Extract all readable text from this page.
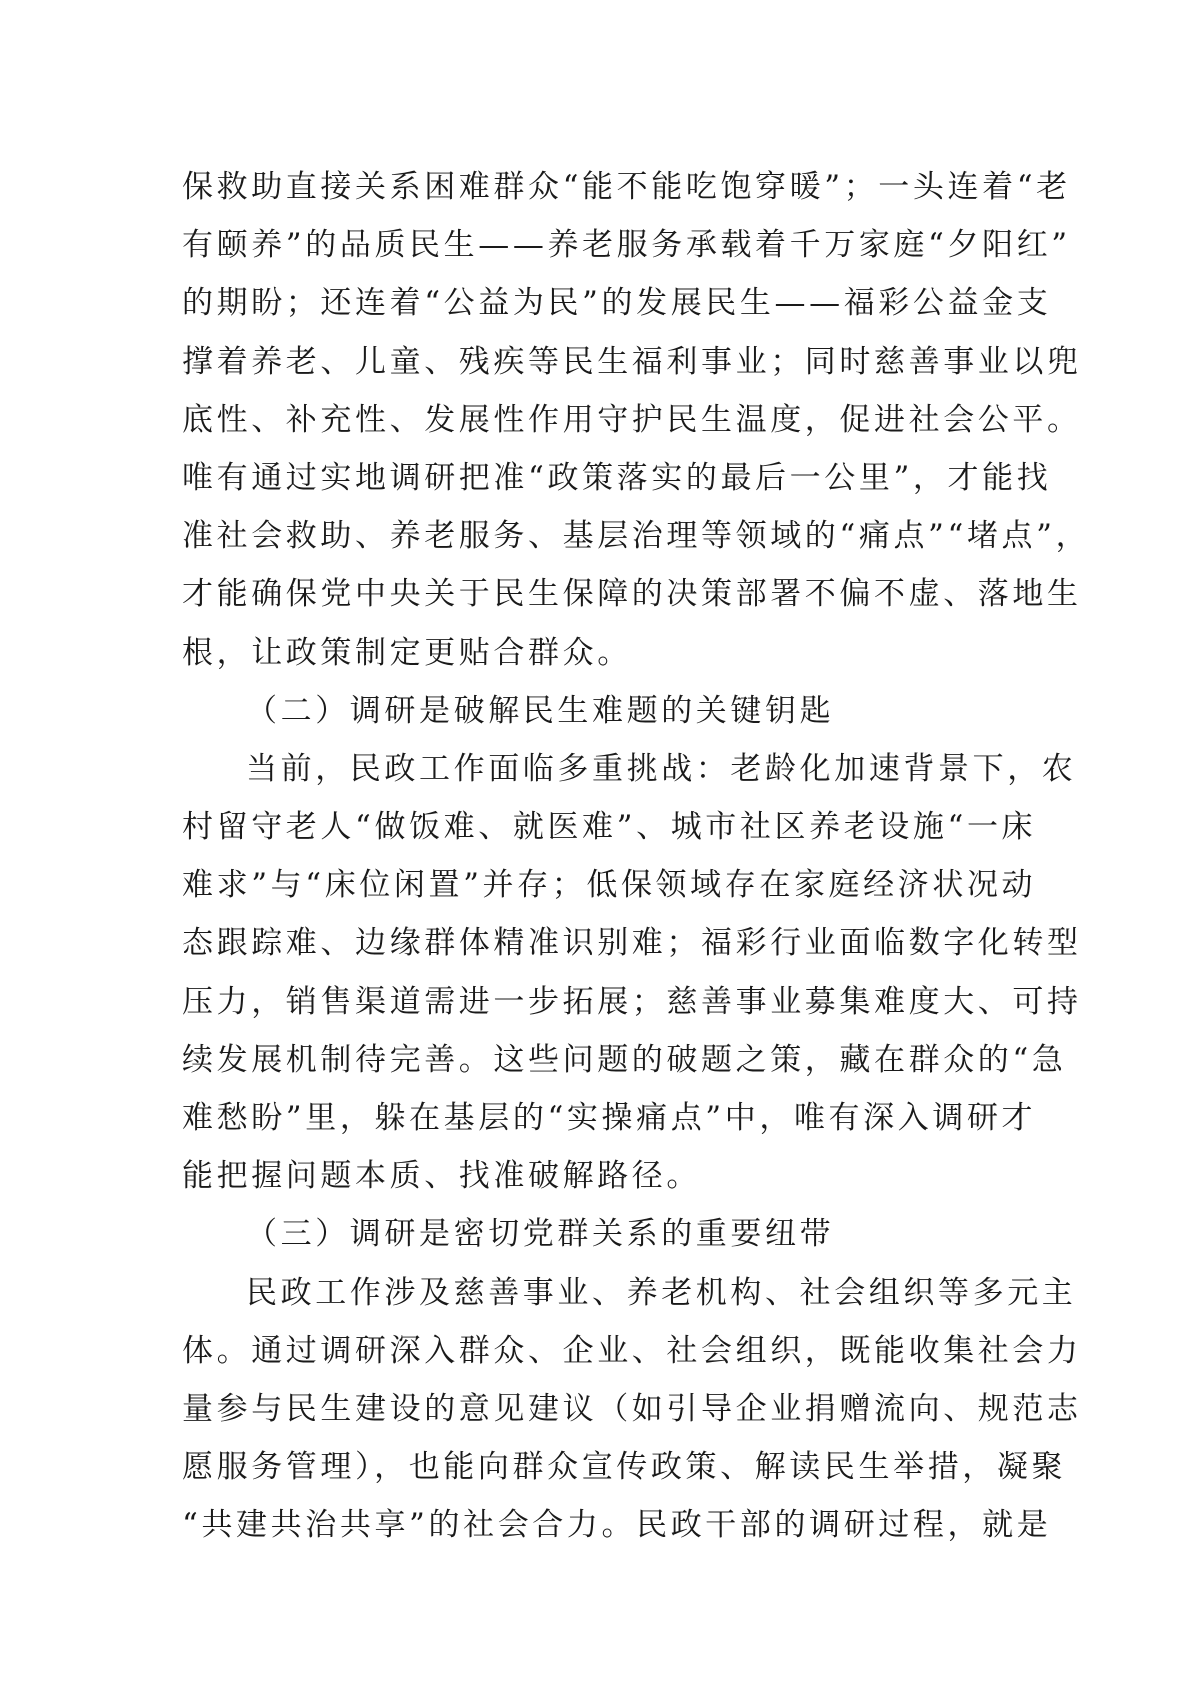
保救助直接关系困难群众“能不能吃饱穿暖”；一头连着“老
有颐养”的品质民生——养老服务承载着千万家庭“夕阳红”
的期盼；还连着“公益为民”的发展民生——福彩公益金支
撑着养老、儿童、残疾等民生福利事业；同时慈善事业以兜
底性、补充性、发展性作用守护民生温度，促进社会公平。
唯有通过实地调研把准“政策落实的最后一公里”，才能找
准社会救助、养老服务、基层治理等领域的“痛点”“堵点”，
才能确保党中央关于民生保障的决策部署不偏不虚、落地生
根，让政策制定更贴合群众。
（二）调研是破解民生难题的关键钥匙
当前，民政工作面临多重挑战：老龄化加速背景下，农
村留守老人“做饭难、就医难”、城市社区养老设施“一床
难求”与“床位闲置”并存；低保领域存在家庭经济状况动
态跟踪难、边缘群体精准识别难；福彩行业面临数字化转型
压力，销售渠道需进一步拓展；慈善事业募集难度大、可持
续发展机制待完善。这些问题的破题之策，藏在群众的“急
难愁盼”里，躲在基层的“实操痛点”中，唯有深入调研才
能把握问题本质、找准破解路径。
（三）调研是密切党群关系的重要纽带
民政工作涉及慈善事业、养老机构、社会组织等多元主
体。通过调研深入群众、企业、社会组织，既能收集社会力
量参与民生建设的意见建议（如引导企业捐赠流向、规范志
愿服务管理），也能向群众宣传政策、解读民生举措，凝聚
“共建共治共享”的社会合力。民政干部的调研过程，就是
